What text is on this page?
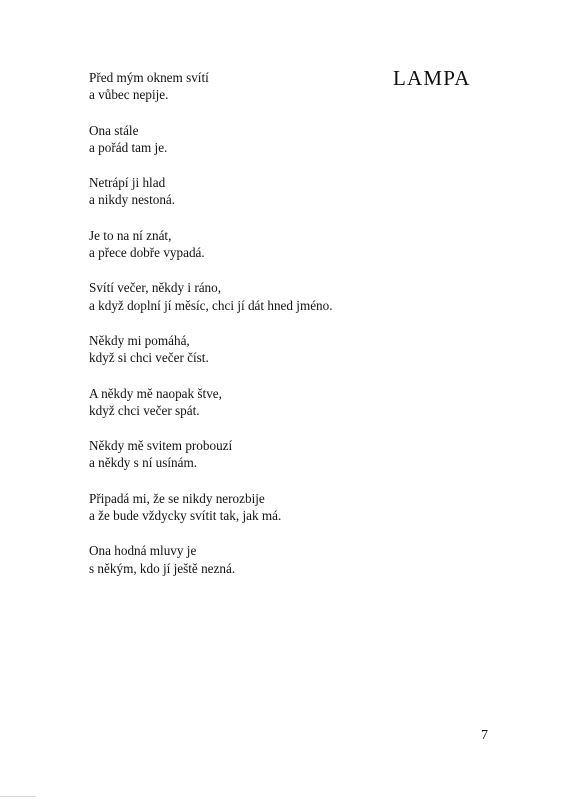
LAMPA
Před mým oknem svítí
a vůbec nepije.
Ona stále
a pořád tam je.
Netrápí ji hlad
a nikdy nestoná.
Je to na ní znát,
a přece dobře vypadá.
Svítí večer, někdy i ráno,
a když doplní jí měsíc, chci jí dát hned jméno.
Někdy mi pomáhá,
když si chci večer číst.
A někdy mě naopak štve,
když chci večer spát.
Někdy mě svitem probouzí
a někdy s ní usínám.
Připadá mi, že se nikdy nerozbije
a že bude vždycky svítit tak, jak má.
Ona hodná mluvy je
s někým, kdo jí ještě nezná.
7
